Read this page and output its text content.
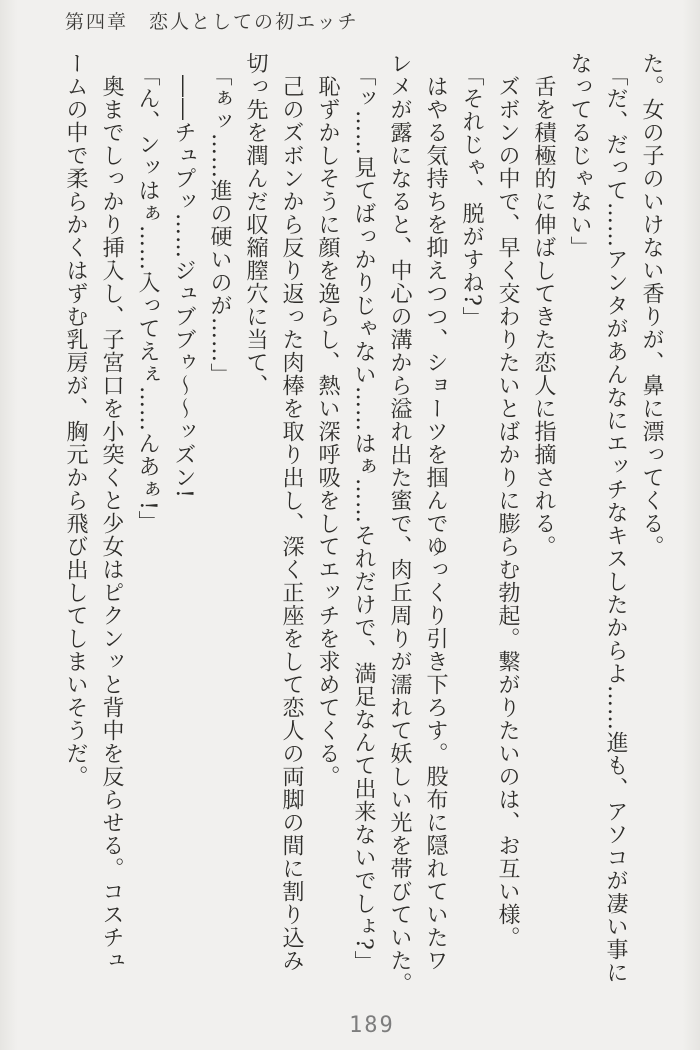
第四章　恋人としての初エッチ

た。女の子のいけない香りが、鼻に漂ってくる。

　「だ、だって……アンタがあんなにエッチなキスしたからよ……進も、アソコが凄い事に

なってるじゃない」

　舌を積極的に伸ばしてきた恋人に指摘される。

　ズボンの中で、早く交わりたいとばかりに膨らむ勃起。繋がりたいのは、お互い様。

　「それじゃ、脱がすね?」

　はやる気持ちを抑えつつ、ショーツを掴んでゆっくり引き下ろす。股布に隠れていたワ

レメが露になると、中心の溝から溢れ出た蜜で、肉丘周りが濡れて妖しい光を帯びていた。

　「ッ……見てばっかりじゃない……はぁ……それだけで、満足なんて出来ないでしょ?」

　恥ずかしそうに顔を逸らし、熱い深呼吸をしてエッチを求めてくる。

　己のズボンから反り返った肉棒を取り出し、深く正座をして恋人の両脚の間に割り込み

切っ先を潤んだ収縮膣穴に当て、

　「ぁッ……進の硬いのが……」

　――チュプッ……ジュブブゥ〜〜ッズン!

　「ん、ンッはぁ……入ってえぇ……んあぁ!」

　奥までしっかり挿入し、子宮口を小突くと少女はピクンッと背中を反らせる。コスチュ

ームの中で柔らかくはずむ乳房が、胸元から飛び出してしまいそうだ。

189
